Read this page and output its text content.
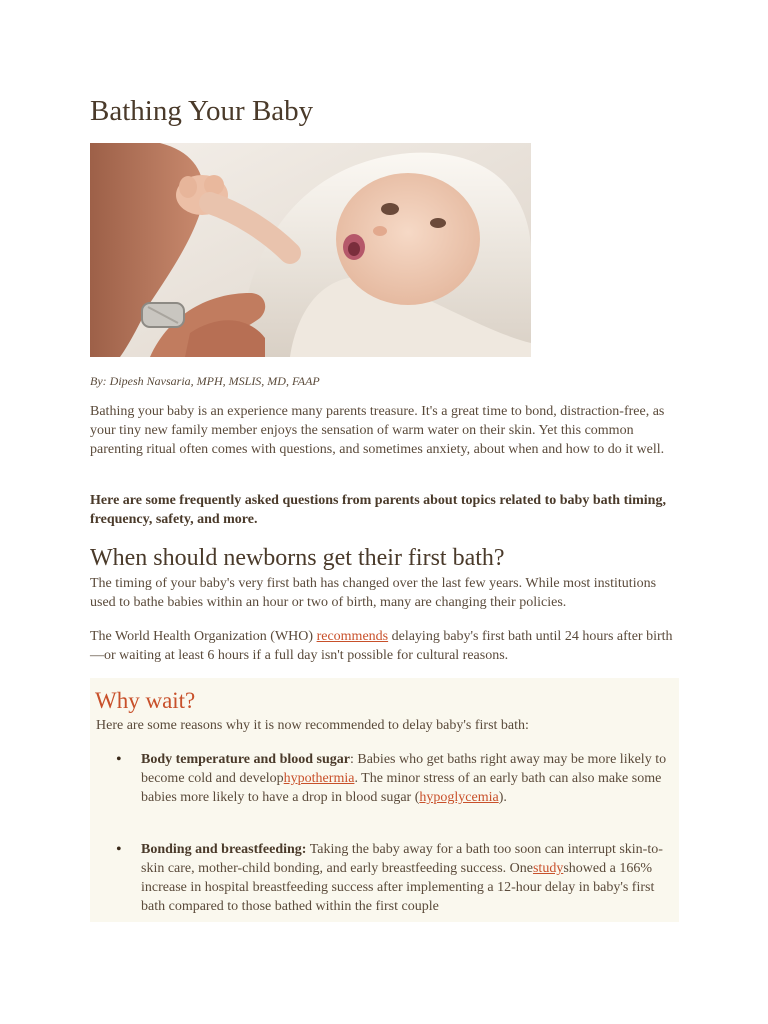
Bathing Your Baby

By: Dipesh Navsaria, MPH, MSLIS, MD, FAAP

Bathing your baby is an experience many parents treasure. It's a great time to bond, distraction-free, as your tiny new family member enjoys the sensation of warm water on their skin. Yet this common parenting ritual often comes with questions, and sometimes anxiety, about when and how to do it well.

Here are some frequently asked questions from parents about topics related to baby bath timing, frequency, safety, and more.

When should newborns get their first bath?

The timing of your baby's very first bath has changed over the last few years. While most institutions used to bathe babies within an hour or two of birth, many are changing their policies.

The World Health Organization (WHO) recommends delaying baby's first bath until 24 hours after birth—or waiting at least 6 hours if a full day isn't possible for cultural reasons.

Why wait?

Here are some reasons why it is now recommended to delay baby's first bath:

• Body temperature and blood sugar: Babies who get baths right away may be more likely to become cold and develophypothermia. The minor stress of an early bath can also make some babies more likely to have a drop in blood sugar (hypoglycemia).
• Bonding and breastfeeding: Taking the baby away for a bath too soon can interrupt skin-to-skin care, mother-child bonding, and early breastfeeding success. Onestudyshowed a 166% increase in hospital breastfeeding success after implementing a 12-hour delay in baby's first bath compared to those bathed within the first couple
